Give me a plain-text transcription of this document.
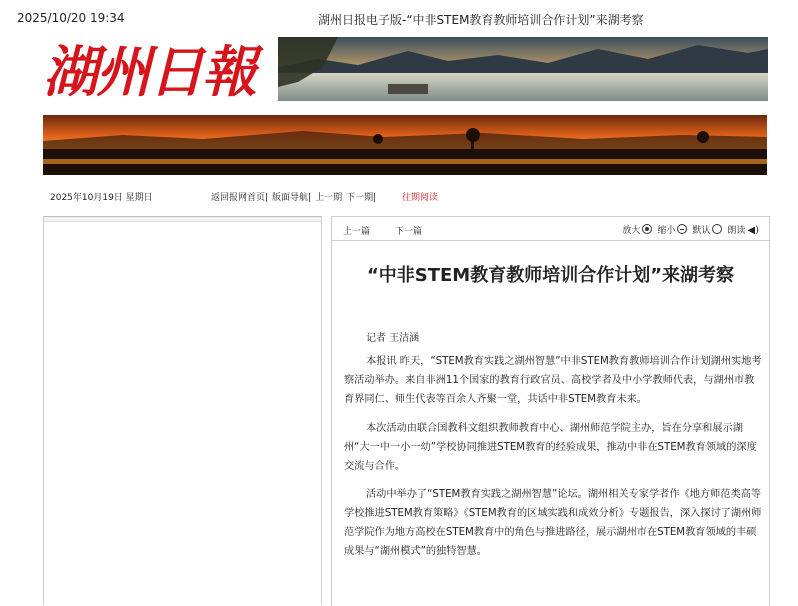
2025/10/20 19:34	湖州日报电子版-“中非STEM教育教师培训合作计划”来湖考察
湖州日報
2025年10月19日 星期日	返回报网首页| 版面导航| 上一期 下一期|	往期阅读
上一篇	下一篇	放大	缩小	默认	朗读 ◀)
“中非STEM教育教师培训合作计划”来湖考察
记者 王洁涵
本报讯 昨天，“STEM教育实践之湖州智慧”中非STEM教育教师培训合作计划湖州实地考察活动举办。来自非洲11个国家的教育行政官员、高校学者及中小学教师代表，与湖州市教育界同仁、师生代表等百余人齐聚一堂，共话中非STEM教育未来。
本次活动由联合国教科文组织教师教育中心、湖州师范学院主办，旨在分享和展示湖州“大一中一小一幼”学校协同推进STEM教育的经验成果，推动中非在STEM教育领域的深度交流与合作。
活动中举办了“STEM教育实践之湖州智慧”论坛。湖州相关专家学者作《地方师范类高等学校推进STEM教育策略》《STEM教育的区域实践和成效分析》专题报告，深入探讨了湖州师范学院作为地方高校在STEM教育中的角色与推进路径，展示湖州市在STEM教育领域的丰硕成果与“湖州模式”的独特智慧。
